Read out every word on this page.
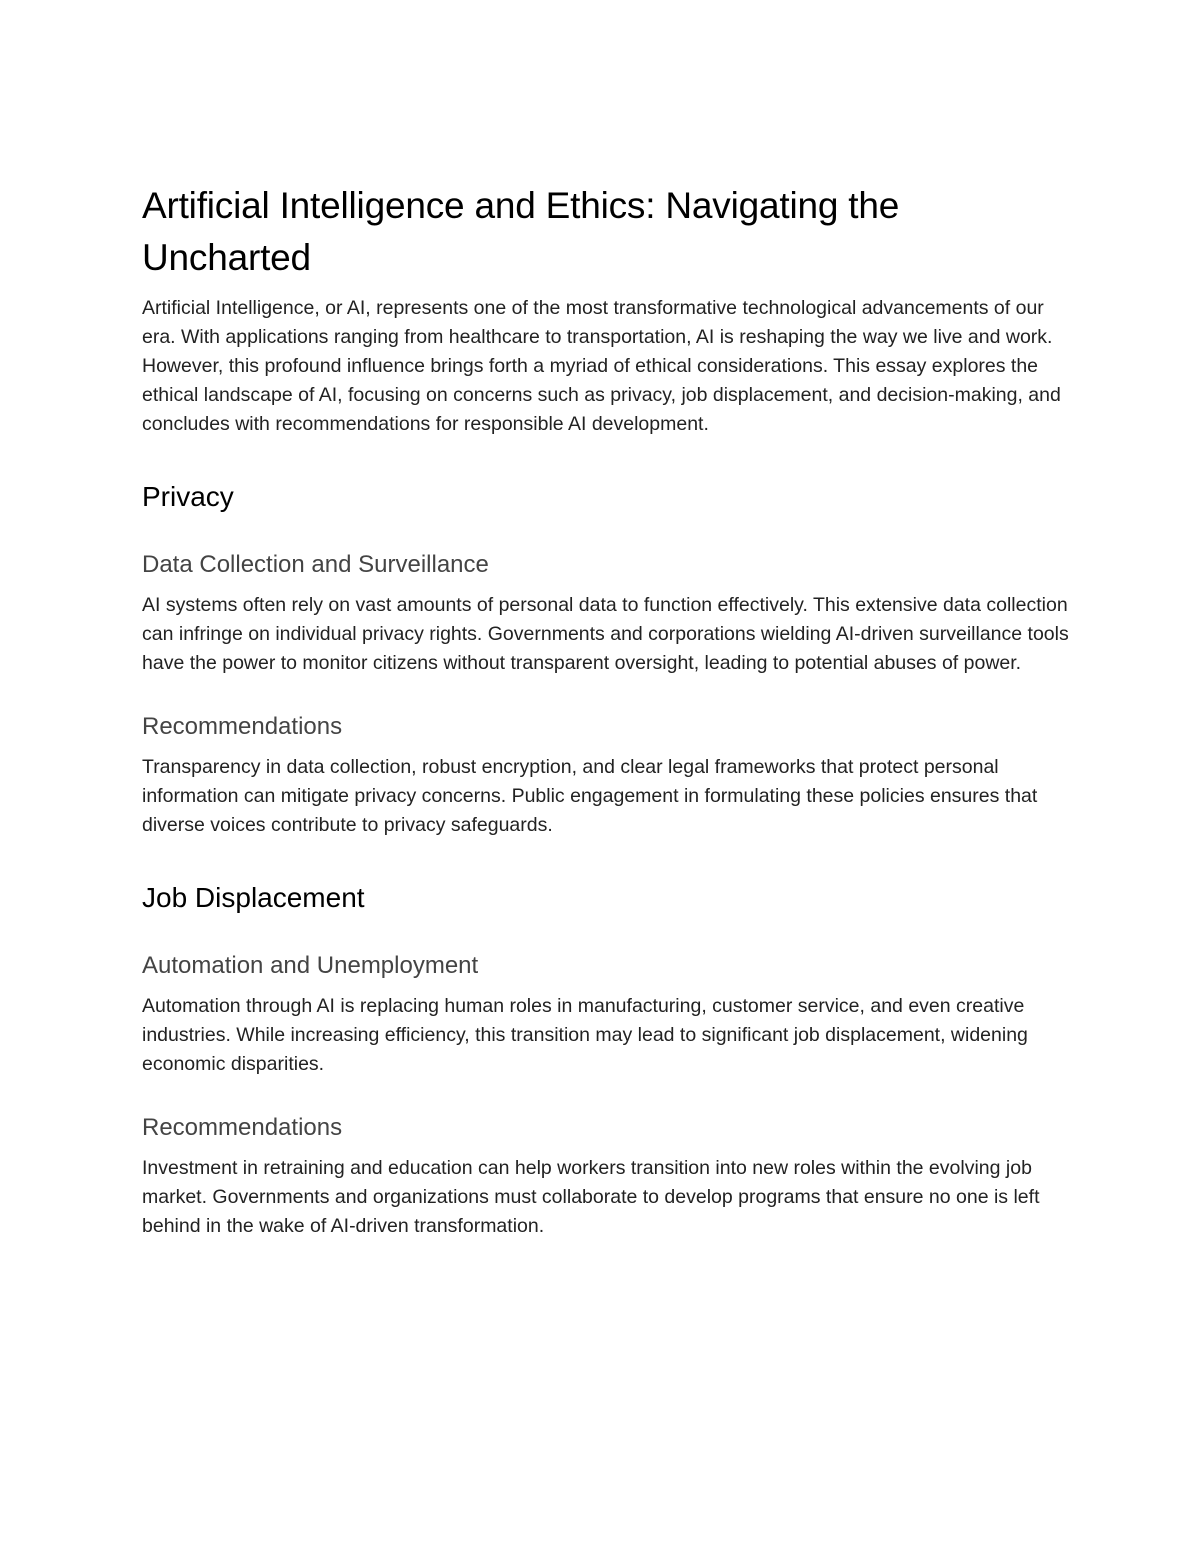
Artificial Intelligence and Ethics: Navigating the Uncharted

Artificial Intelligence, or AI, represents one of the most transformative technological advancements of our era. With applications ranging from healthcare to transportation, AI is reshaping the way we live and work. However, this profound influence brings forth a myriad of ethical considerations. This essay explores the ethical landscape of AI, focusing on concerns such as privacy, job displacement, and decision-making, and concludes with recommendations for responsible AI development.

Privacy
Data Collection and Surveillance

AI systems often rely on vast amounts of personal data to function effectively. This extensive data collection can infringe on individual privacy rights. Governments and corporations wielding AI-driven surveillance tools have the power to monitor citizens without transparent oversight, leading to potential abuses of power.

Recommendations

Transparency in data collection, robust encryption, and clear legal frameworks that protect personal information can mitigate privacy concerns. Public engagement in formulating these policies ensures that diverse voices contribute to privacy safeguards.

Job Displacement
Automation and Unemployment

Automation through AI is replacing human roles in manufacturing, customer service, and even creative industries. While increasing efficiency, this transition may lead to significant job displacement, widening economic disparities.

Recommendations

Investment in retraining and education can help workers transition into new roles within the evolving job market. Governments and organizations must collaborate to develop programs that ensure no one is left behind in the wake of AI-driven transformation.
